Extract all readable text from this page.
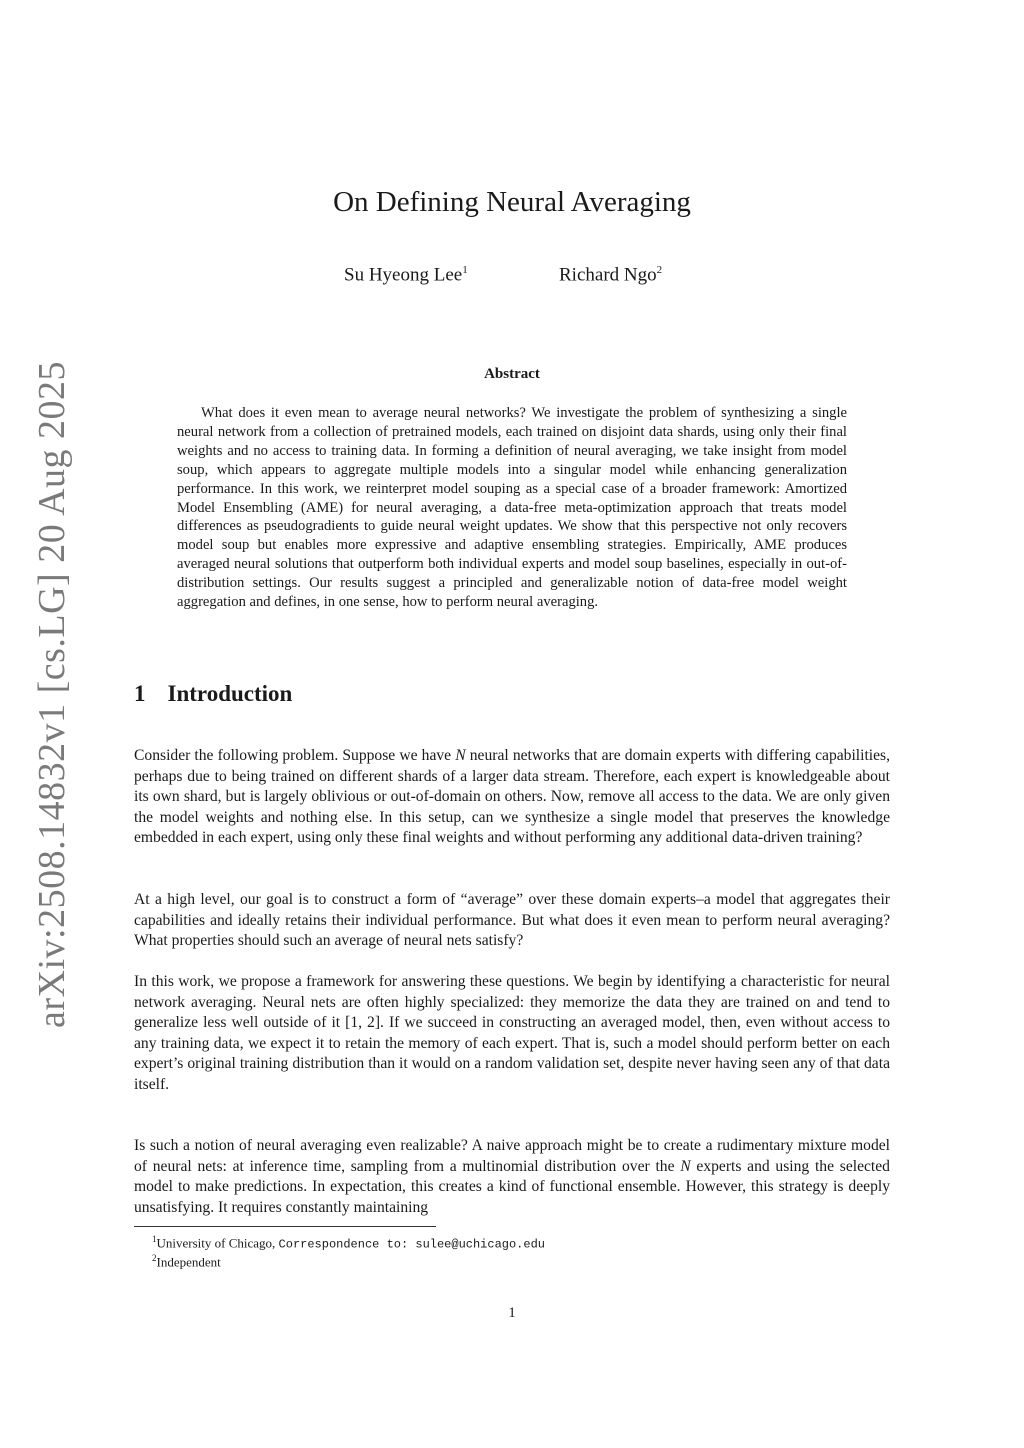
arXiv:2508.14832v1 [cs.LG] 20 Aug 2025
On Defining Neural Averaging
Su Hyeong Lee$^1$	Richard Ngo$^2$
Abstract

What does it even mean to average neural networks? We investigate the problem of synthesizing a single neural network from a collection of pretrained models, each trained on disjoint data shards, using only their final weights and no access to training data. In forming a definition of neural averaging, we take insight from model soup, which appears to aggregate multiple models into a singular model while enhancing generalization performance. In this work, we reinterpret model souping as a special case of a broader framework: Amortized Model Ensembling (AME) for neural averaging, a data-free meta-optimization approach that treats model differences as pseudogradients to guide neural weight updates. We show that this perspective not only recovers model soup but enables more expressive and adaptive ensembling strategies. Empirically, AME produces averaged neural solutions that outperform both individual experts and model soup baselines, especially in out-of-distribution settings. Our results suggest a principled and generalizable notion of data-free model weight aggregation and defines, in one sense, how to perform neural averaging.

1 Introduction

Consider the following problem. Suppose we have N neural networks that are domain experts with differing capabilities, perhaps due to being trained on different shards of a larger data stream. Therefore, each expert is knowledgeable about its own shard, but is largely oblivious or out-of-domain on others. Now, remove all access to the data. We are only given the model weights and nothing else. In this setup, can we synthesize a single model that preserves the knowledge embedded in each expert, using only these final weights and without performing any additional data-driven training?

At a high level, our goal is to construct a form of “average” over these domain experts–a model that aggregates their capabilities and ideally retains their individual performance. But what does it even mean to perform neural averaging? What properties should such an average of neural nets satisfy?

In this work, we propose a framework for answering these questions. We begin by identifying a characteristic for neural network averaging. Neural nets are often highly specialized: they memorize the data they are trained on and tend to generalize less well outside of it [1, 2]. If we succeed in constructing an averaged model, then, even without access to any training data, we expect it to retain the memory of each expert. That is, such a model should perform better on each expert’s original training distribution than it would on a random validation set, despite never having seen any of that data itself.

Is such a notion of neural averaging even realizable? A naive approach might be to create a rudimentary mixture model of neural nets: at inference time, sampling from a multinomial distribution over the N experts and using the selected model to make predictions. In expectation, this creates a kind of functional ensemble. However, this strategy is deeply unsatisfying. It requires constantly maintaining

$^1$University of Chicago, Correspondence to: sulee@uchicago.edu
$^2$Independent
1
